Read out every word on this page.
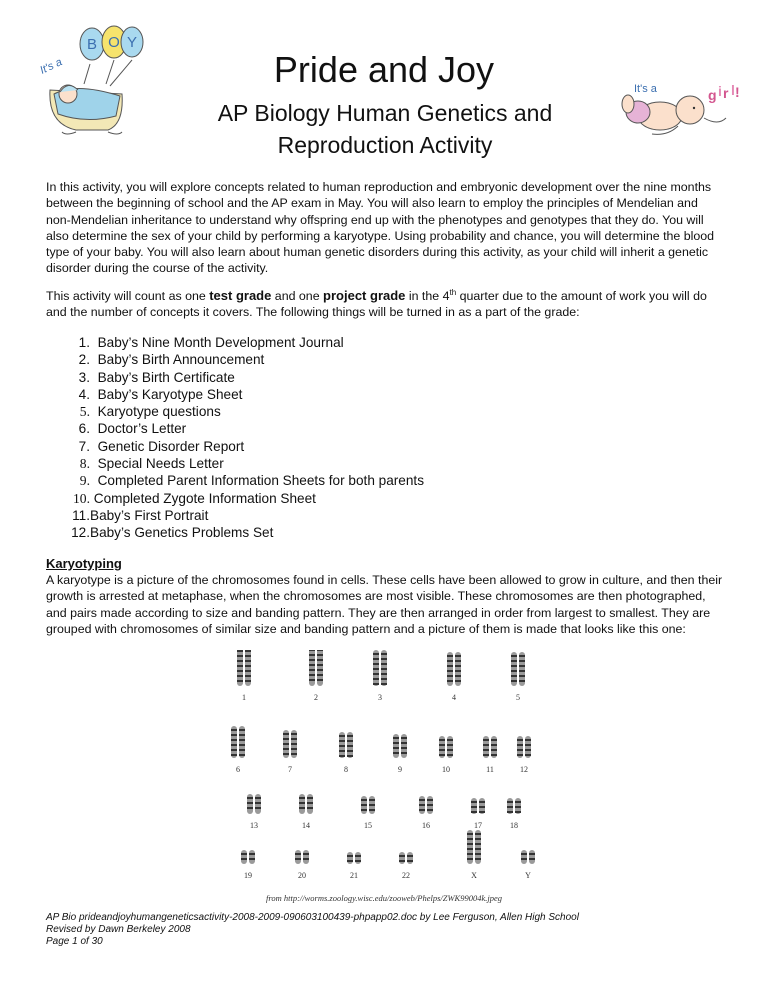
B O Y
It's a
It's a	g i r l !
Pride and Joy
AP Biology Human Genetics and Reproduction Activity
In this activity, you will explore concepts related to human reproduction and embryonic development over the nine months between the beginning of school and the AP exam in May. You will also learn to employ the principles of Mendelian and non-Mendelian inheritance to understand why offspring end up with the phenotypes and genotypes that they do. You will also determine the sex of your child by performing a karyotype. Using probability and chance, you will determine the blood type of your baby. You will also learn about human genetic disorders during this activity, as your child will inherit a genetic disorder during the course of the activity.
This activity will count as one test grade and one project grade in the 4th quarter due to the amount of work you will do and the number of concepts it covers. The following things will be turned in as a part of the grade:
1.
Baby’s Nine Month Development Journal
2.
Baby’s Birth Announcement
3.
Baby’s Birth Certificate
4.
Baby’s Karyotype Sheet
5.
Karyotype questions
6.
Doctor’s Letter
7.
Genetic Disorder Report
8.
Special Needs Letter
9.
Completed Parent Information Sheets for both parents
10.
Completed Zygote Information Sheet
11. Baby’s First Portrait
12. Baby’s Genetics Problems Set
Karyotyping
A karyotype is a picture of the chromosomes found in cells. These cells have been allowed to grow in culture, and then their growth is arrested at metaphase, when the chromosomes are most visible. These chromosomes are then photographed, and pairs made according to size and banding pattern. They are then arranged in order from largest to smallest. They are grouped with chromosomes of similar size and banding pattern and a picture of them is made that looks like this one:
1	2	3	4	5
6	7	8	9	10	11	12
13	14	15	16	17	18
19	20	21	22	X	Y
from http://worms.zoology.wisc.edu/zooweb/Phelps/ZWK99004k.jpeg
AP Bio prideandjoyhumangeneticsactivity-2008-2009-090603100439-phpapp02.doc by Lee Ferguson, Allen High School
Revised by Dawn Berkeley 2008
Page 1 of 30
